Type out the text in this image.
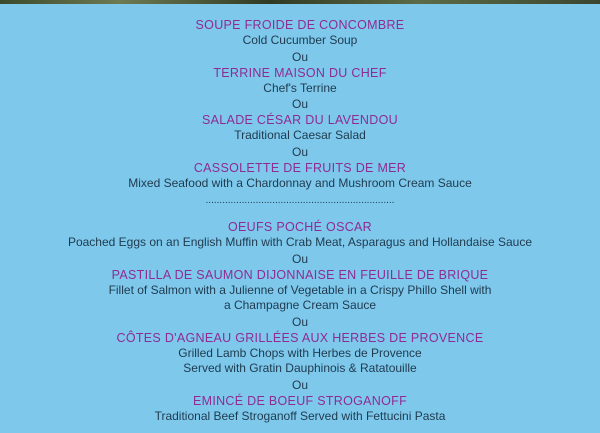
SOUPE FROIDE DE CONCOMBRE
Cold Cucumber Soup
Ou
TERRINE MAISON DU CHEF
Chef's Terrine
Ou
SALADE CÉSAR DU LAVENDOU
Traditional Caesar Salad
Ou
CASSOLETTE DE FRUITS DE MER
Mixed Seafood with a Chardonnay and Mushroom Cream Sauce
....................................................................
OEUFS POCHÉ OSCAR
Poached Eggs on an English Muffin with Crab Meat, Asparagus and Hollandaise Sauce
Ou
PASTILLA DE SAUMON DIJONNAISE EN FEUILLE DE BRIQUE
Fillet of Salmon with a Julienne of Vegetable in a Crispy Phillo Shell with
a Champagne Cream Sauce
Ou
CÔTES D'AGNEAU GRILLÉES AUX HERBES DE PROVENCE
Grilled Lamb Chops with Herbes de Provence
Served with Gratin Dauphinois & Ratatouille
Ou
EMINCÉ DE BOEUF STROGANOFF
Traditional Beef Stroganoff Served with Fettucini Pasta
